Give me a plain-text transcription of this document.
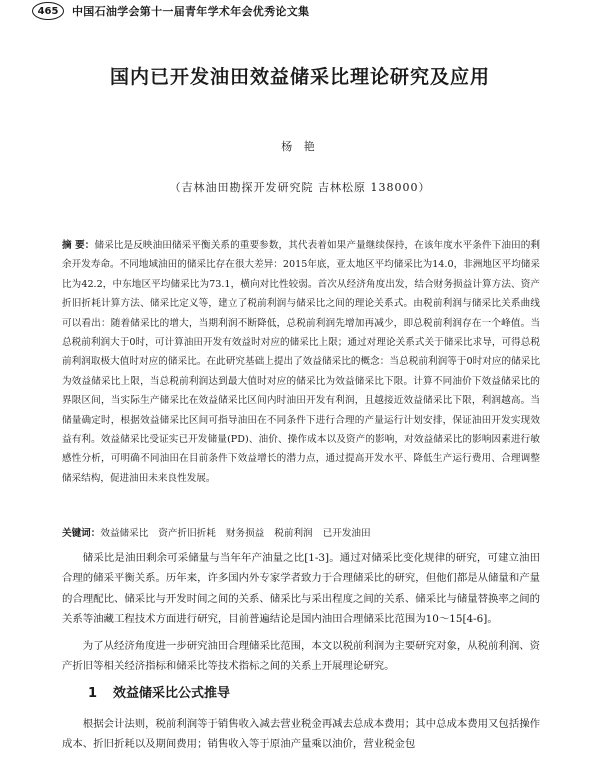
465	中国石油学会第十一届青年学术年会优秀论文集
国内已开发油田效益储采比理论研究及应用
杨 艳
（吉林油田勘探开发研究院 吉林松原 138000）
摘 要：储采比是反映油田储采平衡关系的重要参数，其代表着如果产量继续保持，在该年度水平条件下油田的剩余开发寿命。不同地域油田的储采比存在很大差异：2015年底，亚太地区平均储采比为14.0，非洲地区平均储采比为42.2，中东地区平均储采比为73.1，横向对比性较弱。首次从经济角度出发，结合财务损益计算方法、资产折旧折耗计算方法、储采比定义等，建立了税前利润与储采比之间的理论关系式。由税前利润与储采比关系曲线可以看出：随着储采比的增大，当期利润不断降低，总税前利润先增加再减少，即总税前利润存在一个峰值。当总税前利润大于0时，可计算油田开发有效益时对应的储采比上限；通过对理论关系式关于储采比求导，可得总税前利润取极大值时对应的储采比。在此研究基础上提出了效益储采比的概念：当总税前利润等于0时对应的储采比为效益储采比上限，当总税前利润达到最大值时对应的储采比为效益储采比下限。计算不同油价下效益储采比的界限区间，当实际生产储采比在效益储采比区间内时油田开发有利润，且越接近效益储采比下限，利润越高。当储量确定时，根据效益储采比区间可指导油田在不同条件下进行合理的产量运行计划安排，保证油田开发实现效益有利。效益储采比受证实已开发储量(PD)、油价、操作成本以及资产的影响，对效益储采比的影响因素进行敏感性分析，可明确不同油田在目前条件下效益增长的潜力点，通过提高开发水平、降低生产运行费用、合理调整储采结构，促进油田未来良性发展。
关键词：效益储采比 资产折旧折耗 财务损益 税前利润 已开发油田
储采比是油田剩余可采储量与当年年产油量之比[1-3]。通过对储采比变化规律的研究，可建立油田合理的储采平衡关系。历年来，许多国内外专家学者致力于合理储采比的研究，但他们都是从储量和产量的合理配比、储采比与开发时间之间的关系、储采比与采出程度之间的关系、储采比与储量替换率之间的关系等油藏工程技术方面进行研究，目前普遍结论是国内油田合理储采比范围为10～15[4-6]。
为了从经济角度进一步研究油田合理储采比范围，本文以税前利润为主要研究对象，从税前利润、资产折旧等相关经济指标和储采比等技术指标之间的关系上开展理论研究。
1 效益储采比公式推导
根据会计法则，税前利润等于销售收入减去营业税金再减去总成本费用；其中总成本费用又包括操作成本、折旧折耗以及期间费用；销售收入等于原油产量乘以油价，营业税金包
